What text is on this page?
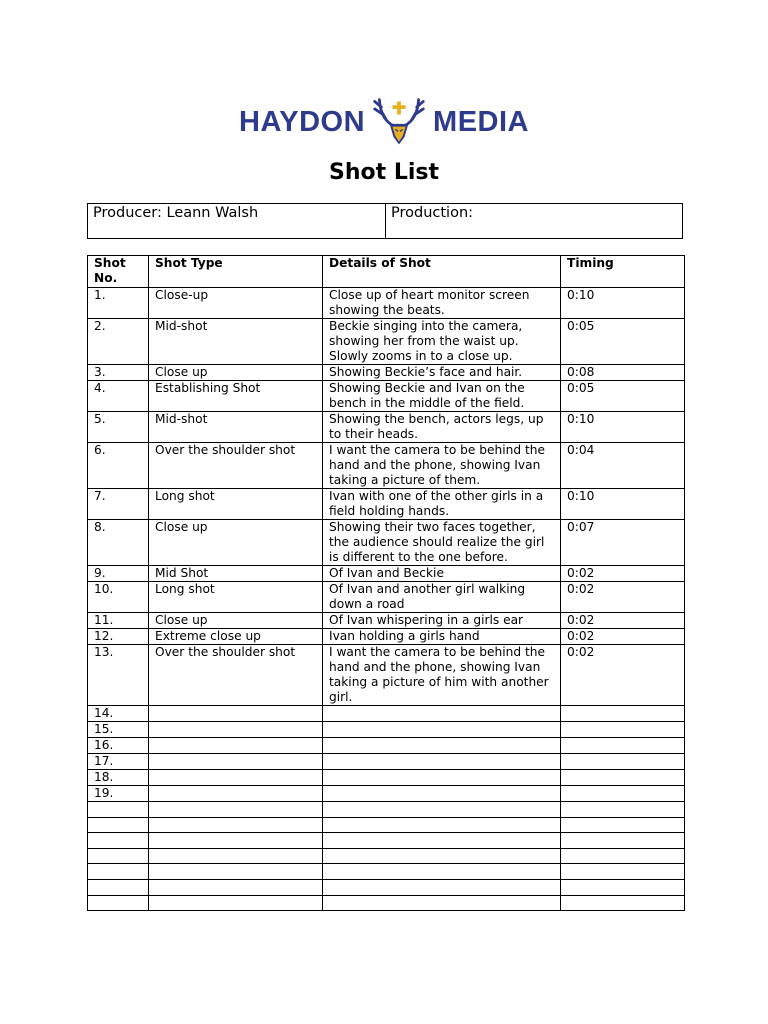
HAYDON MEDIA
Shot List
Producer: Leann Walsh	Production:
Shot No.	Shot Type	Details of Shot	Timing
1.	Close-up	Close up of heart monitor screen showing the beats.	0:10
2.	Mid-shot	Beckie singing into the camera, showing her from the waist up. Slowly zooms in to a close up.	0:05
3.	Close up	Showing Beckie’s face and hair.	0:08
4.	Establishing Shot	Showing Beckie and Ivan on the bench in the middle of the field.	0:05
5.	Mid-shot	Showing the bench, actors legs, up to their heads.	0:10
6.	Over the shoulder shot	I want the camera to be behind the hand and the phone, showing Ivan taking a picture of them.	0:04
7.	Long shot	Ivan with one of the other girls in a field holding hands.	0:10
8.	Close up	Showing their two faces together, the audience should realize the girl is different to the one before.	0:07
9.	Mid Shot	Of Ivan and Beckie	0:02
10.	Long shot	Of Ivan and another girl walking down a road	0:02
11.	Close up	Of Ivan whispering in a girls ear	0:02
12.	Extreme close up	Ivan holding a girls hand	0:02
13.	Over the shoulder shot	I want the camera to be behind the hand and the phone, showing Ivan taking a picture of him with another girl.	0:02
14.			
15.			
16.			
17.			
18.			
19.			
